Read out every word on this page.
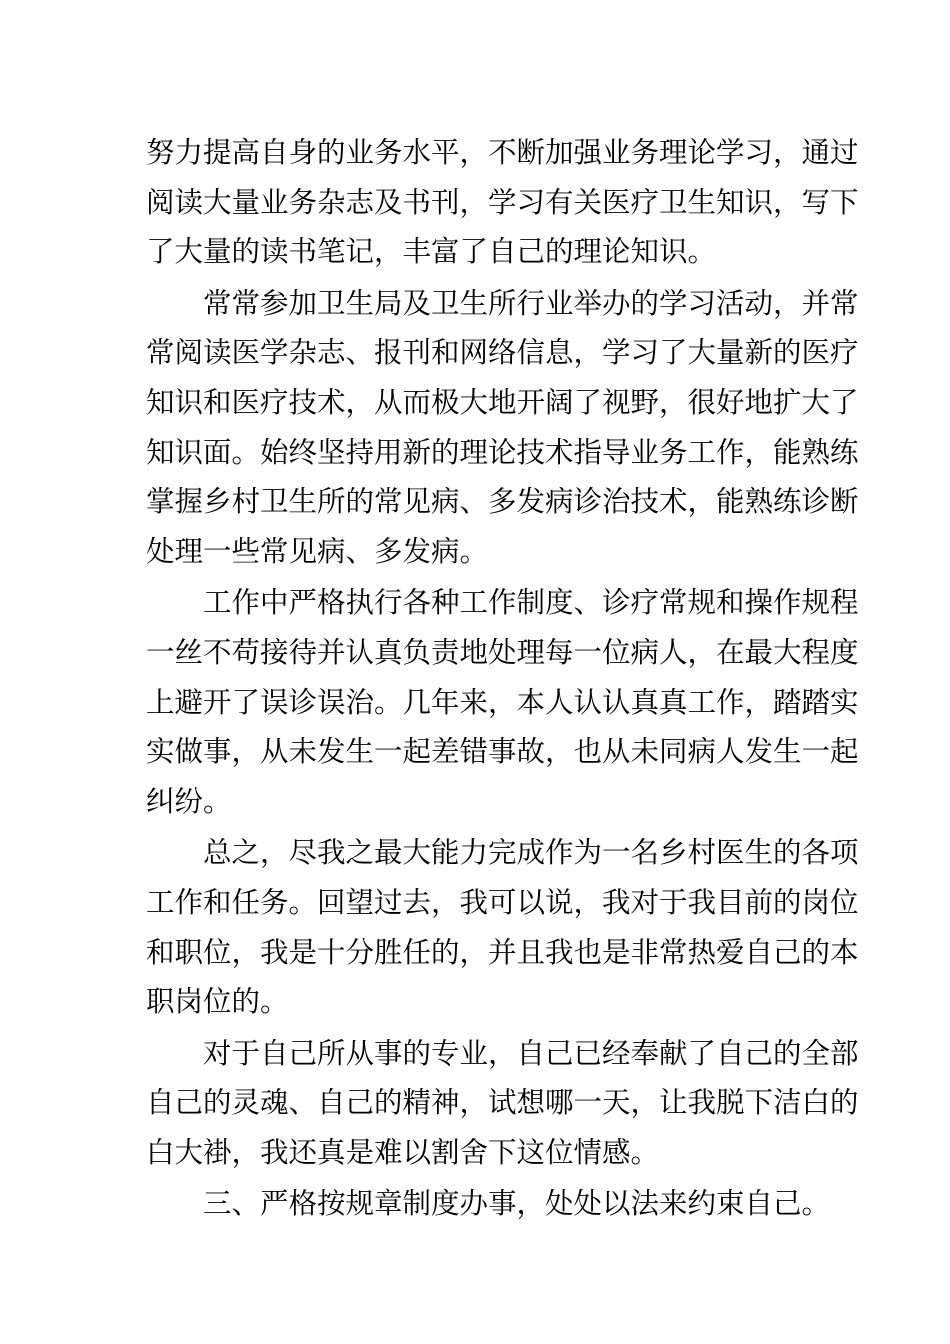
努力提高自身的业务水平，不断加强业务理论学习，通过
阅读大量业务杂志及书刊，学习有关医疗卫生知识，写下
了大量的读书笔记，丰富了自己的理论知识。
常常参加卫生局及卫生所行业举办的学习活动，并常
常阅读医学杂志、报刊和网络信息，学习了大量新的医疗
知识和医疗技术，从而极大地开阔了视野，很好地扩大了
知识面。始终坚持用新的理论技术指导业务工作，能熟练
掌握乡村卫生所的常见病、多发病诊治技术，能熟练诊断
处理一些常见病、多发病。
工作中严格执行各种工作制度、诊疗常规和操作规程
一丝不苟接待并认真负责地处理每一位病人，在最大程度
上避开了误诊误治。几年来，本人认认真真工作，踏踏实
实做事，从未发生一起差错事故，也从未同病人发生一起
纠纷。
总之，尽我之最大能力完成作为一名乡村医生的各项
工作和任务。回望过去，我可以说，我对于我目前的岗位
和职位，我是十分胜任的，并且我也是非常热爱自己的本
职岗位的。
对于自己所从事的专业，自己已经奉献了自己的全部
自己的灵魂、自己的精神，试想哪一天，让我脱下洁白的
白大褂，我还真是难以割舍下这位情感。
三、严格按规章制度办事，处处以法来约束自己。
